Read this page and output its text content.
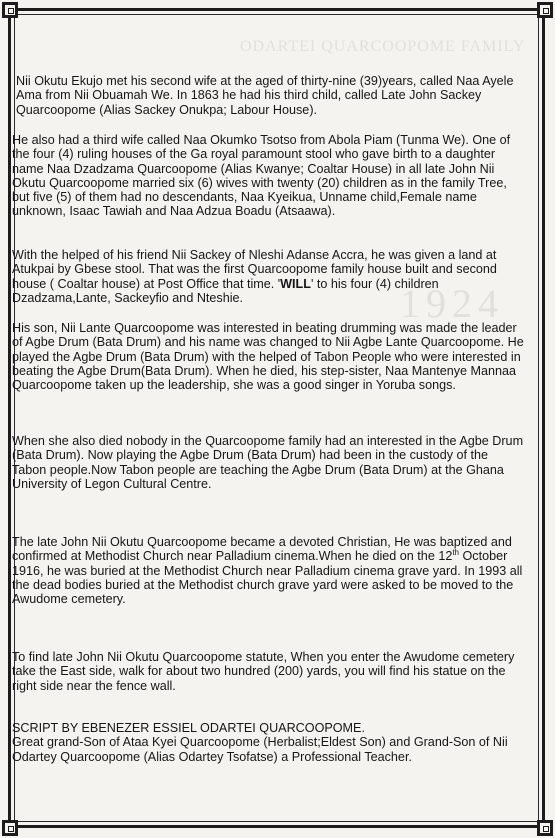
ODARTEI QUARCOOPOME FAMILY
1924

Nii Okutu Ekujo met his second wife at the aged of thirty-nine (39)years, called Naa Ayele Ama from Nii Obuamah We. In 1863 he had his third child, called Late John Sackey Quarcoopome (Alias Sackey Onukpa; Labour House).

He also had a third wife called Naa Okumko Tsotso from Abola Piam (Tunma We). One of the four (4) ruling houses of the Ga royal paramount stool who gave birth to a daughter name Naa Dzadzama Quarcoopome (Alias Kwanye; Coaltar House) in all late John Nii Okutu Quarcoopome married six (6) wives with twenty (20) children as in the family Tree, but five (5) of them had no descendants, Naa Kyeikua, Unname child,Female name unknown, Isaac Tawiah and Naa Adzua Boadu (Atsaawa).

With the helped of his friend Nii Sackey of Nleshi Adanse Accra, he was given a land at Atukpai by Gbese stool. That was the first Quarcoopome family house built and second house ( Coaltar house) at Post Office that time. 'WILL' to his four (4) children Dzadzama,Lante, Sackeyfio and Nteshie.

His son, Nii Lante Quarcoopome was interested in beating drumming was made the leader of Agbe Drum (Bata Drum) and his name was changed to Nii Agbe Lante Quarcoopome. He played the Agbe Drum (Bata Drum) with the helped of Tabon People who were interested in beating the Agbe Drum(Bata Drum). When he died, his step-sister, Naa Mantenye Mannaa Quarcoopome taken up the leadership, she was a good singer in Yoruba songs.

When she also died nobody in the Quarcoopome family had an interested in the Agbe Drum (Bata Drum). Now playing the Agbe Drum (Bata Drum) had been in the custody of the Tabon people.Now Tabon people are teaching the Agbe Drum (Bata Drum) at the Ghana University of Legon Cultural Centre.

The late John Nii Okutu Quarcoopome became a devoted Christian, He was baptized and confirmed at Methodist Church near Palladium cinema.When he died on the 12th October 1916, he was buried at the Methodist Church near Palladium cinema grave yard. In 1993 all the dead bodies buried at the Methodist church grave yard were asked to be moved to the Awudome cemetery.

To find late John Nii Okutu Quarcoopome statute, When you enter the Awudome cemetery take the East side, walk for about two hundred (200) yards, you will find his statue on the right side near the fence wall.

SCRIPT BY EBENEZER ESSIEL ODARTEI QUARCOOPOME.

Great grand-Son of Ataa Kyei Quarcoopome (Herbalist;Eldest Son) and Grand-Son of Nii Odartey Quarcoopome (Alias Odartey Tsofatse) a Professional Teacher.
